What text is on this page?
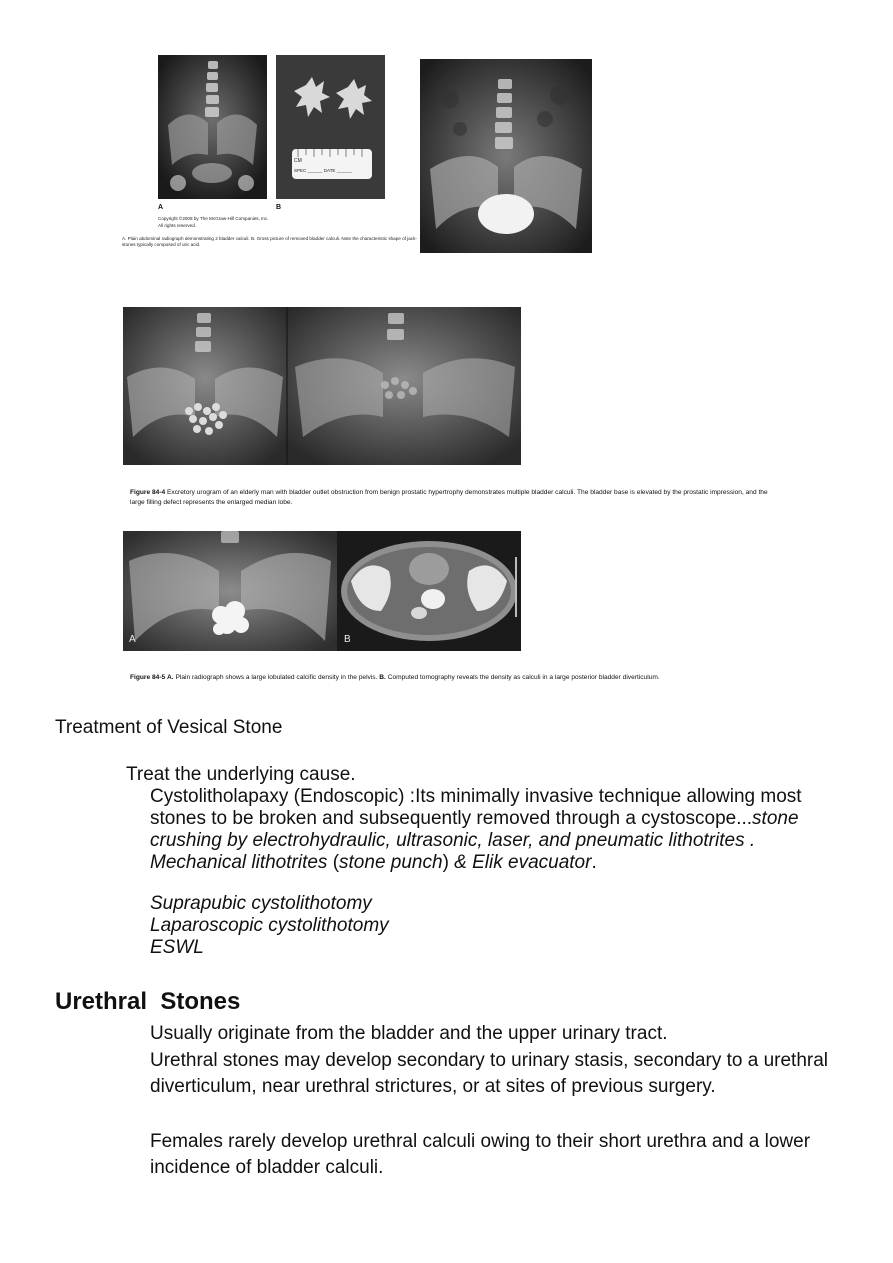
CM
SPEC ______ DATE ______
A	B
Copyright ©2008 by The McGraw-Hill Companies, Inc.
All rights reserved.
A. Plain abdominal radiograph demonstrating 2 bladder calculi. B. Gross picture of removed bladder calculi. Note the characteristic shape of jack-stones typically composed of uric acid.
Figure 84-4 Excretory urogram of an elderly man with bladder outlet obstruction from benign prostatic hypertrophy demonstrates multiple bladder calculi. The bladder base is elevated by the prostatic impression, and the large filling defect represents the enlarged median lobe.
A	B
Figure 84-5 A. Plain radiograph shows a large lobulated calcific density in the pelvis. B. Computed tomography reveals the density as calculi in a large posterior bladder diverticulum.
Treatment of Vesical Stone
Treat the underlying cause.
Cystolitholapaxy (Endoscopic) :Its minimally invasive technique allowing most stones to be broken and subsequently removed through a cystoscope...stone crushing by electrohydraulic, ultrasonic, laser, and pneumatic lithotrites . Mechanical lithotrites (stone punch) & Elik evacuator.
Suprapubic cystolithotomy
Laparoscopic cystolithotomy
ESWL
Urethral  Stones
Usually originate from the bladder and the upper urinary tract.
Urethral stones may develop secondary to urinary stasis, secondary to a urethral diverticulum, near urethral strictures, or at sites of previous surgery.
Females rarely develop urethral calculi owing to their short urethra and a lower incidence of bladder calculi.
